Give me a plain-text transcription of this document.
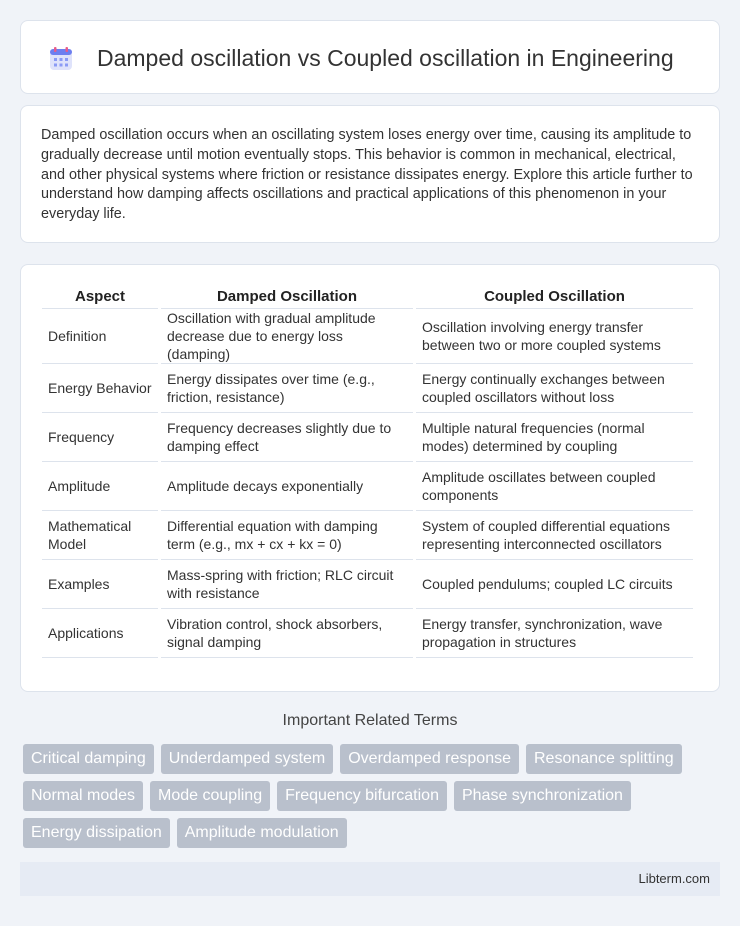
Damped oscillation vs Coupled oscillation in Engineering

Damped oscillation occurs when an oscillating system loses energy over time, causing its amplitude to gradually decrease until motion eventually stops. This behavior is common in mechanical, electrical, and other physical systems where friction or resistance dissipates energy. Explore this article further to understand how damping affects oscillations and practical applications of this phenomenon in your everyday life.

Aspect	Damped Oscillation	Coupled Oscillation
Definition	Oscillation with gradual amplitude decrease due to energy loss (damping)	Oscillation involving energy transfer between two or more coupled systems
Energy Behavior	Energy dissipates over time (e.g., friction, resistance)	Energy continually exchanges between coupled oscillators without loss
Frequency	Frequency decreases slightly due to damping effect	Multiple natural frequencies (normal modes) determined by coupling
Amplitude	Amplitude decays exponentially	Amplitude oscillates between coupled components
Mathematical Model	Differential equation with damping term (e.g., mx + cx + kx = 0)	System of coupled differential equations representing interconnected oscillators
Examples	Mass-spring with friction; RLC circuit with resistance	Coupled pendulums; coupled LC circuits
Applications	Vibration control, shock absorbers, signal damping	Energy transfer, synchronization, wave propagation in structures
Important Related Terms
Critical damping	Underdamped system	Overdamped response	Resonance splitting
Normal modes	Mode coupling	Frequency bifurcation	Phase synchronization
Energy dissipation	Amplitude modulation
Libterm.com
